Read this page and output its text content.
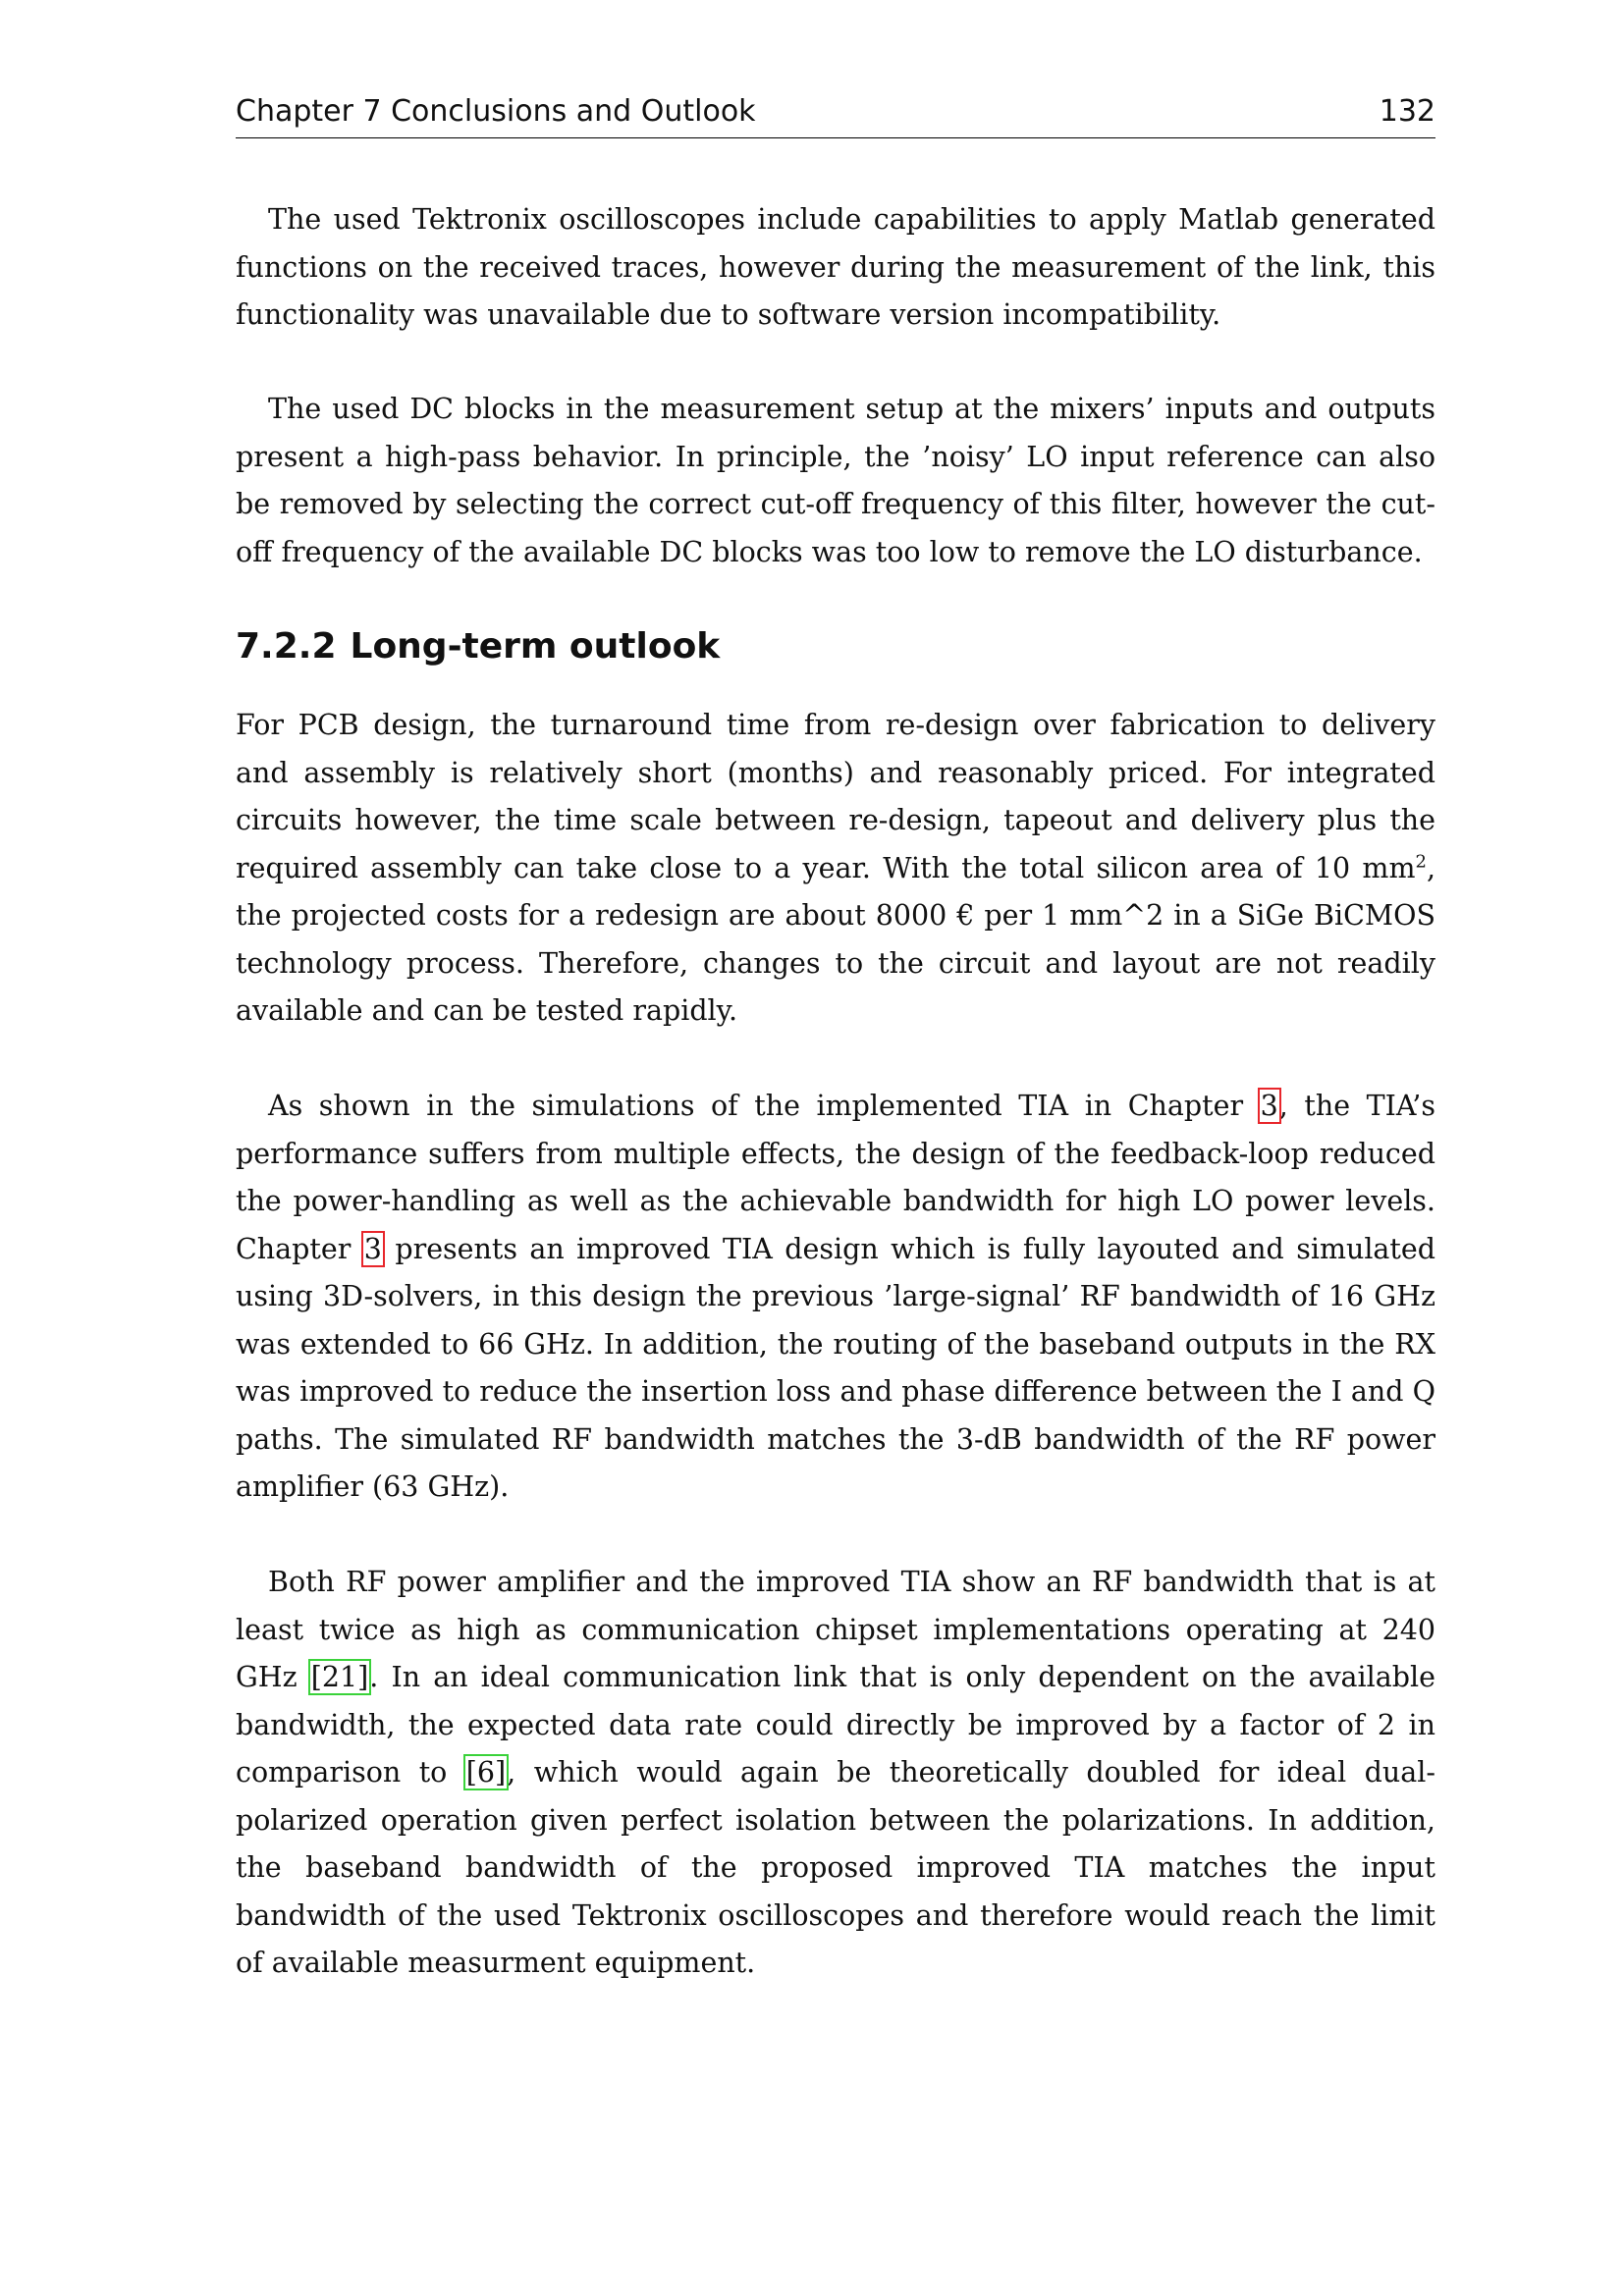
Chapter 7 Conclusions and Outlook	132

The used Tektronix oscilloscopes include capabilities to apply Matlab generated functions on the received traces, however during the measurement of the link, this functionality was unavailable due to software version incompatibility.

The used DC blocks in the measurement setup at the mixers’ inputs and outputs present a high-pass behavior. In principle, the ’noisy’ LO input reference can also be removed by selecting the correct cut-off frequency of this filter, however the cut-off frequency of the available DC blocks was too low to remove the LO disturbance.

7.2.2 Long-term outlook

For PCB design, the turnaround time from re-design over fabrication to delivery and assembly is relatively short (months) and reasonably priced. For integrated circuits however, the time scale between re-design, tapeout and delivery plus the required assembly can take close to a year. With the total silicon area of 10 $mm^2$, the projected costs for a redesign are about 8000 € per 1 mm^2 in a SiGe BiCMOS technology process. Therefore, changes to the circuit and layout are not readily available and can be tested rapidly.

As shown in the simulations of the implemented TIA in Chapter 3, the TIA’s performance suffers from multiple effects, the design of the feedback-loop reduced the power-handling as well as the achievable bandwidth for high LO power levels. Chapter 3 presents an improved TIA design which is fully layouted and simulated using 3D-solvers, in this design the previous ’large-signal’ RF bandwidth of 16 GHz was extended to 66 GHz. In addition, the routing of the baseband outputs in the RX was improved to reduce the insertion loss and phase difference between the I and Q paths. The simulated RF bandwidth matches the 3-dB bandwidth of the RF power amplifier (63 GHz).

Both RF power amplifier and the improved TIA show an RF bandwidth that is at least twice as high as communication chipset implementations operating at 240 GHz [21]. In an ideal communication link that is only dependent on the available bandwidth, the expected data rate could directly be improved by a factor of 2 in comparison to [6], which would again be theoretically doubled for ideal dual-polarized operation given perfect isolation between the polarizations. In addition, the baseband bandwidth of the proposed improved TIA matches the input bandwidth of the used Tektronix oscilloscopes and therefore would reach the limit of available measurment equipment.
